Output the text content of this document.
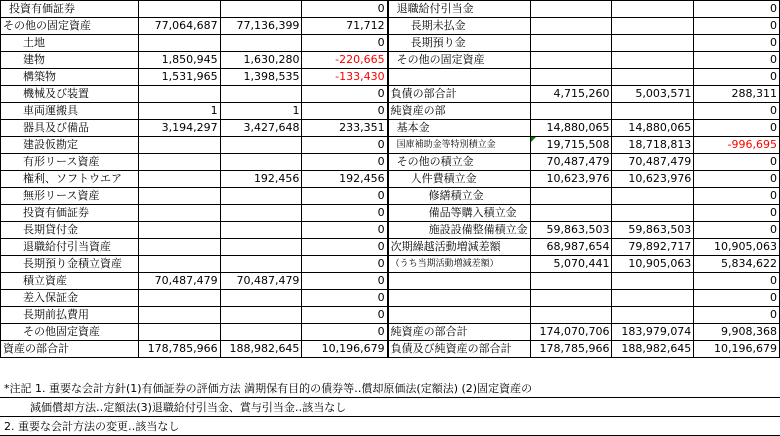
投資有価証券			0	退職給付引当金			0
その他の固定資産	77,064,687	77,136,399	71,712	長期未払金			0
土地			0	長期預り金			0
建物	1,850,945	1,630,280	-220,665	その他の固定資産			0
構築物	1,531,965	1,398,535	-133,430				0
機械及び装置			0	負債の部合計	4,715,260	5,003,571	288,311
車両運搬具	1	1	0	純資産の部			0
器具及び備品	3,194,297	3,427,648	233,351	基本金	14,880,065	14,880,065	0
建設仮勘定			0	国庫補助金等特別積立金	19,715,508	18,718,813	-996,695
有形リース資産			0	その他の積立金	70,487,479	70,487,479	0
権利、ソフトウエア		192,456	192,456	人件費積立金	10,623,976	10,623,976	0
無形リース資産			0	修繕積立金			0
投資有価証券			0	備品等購入積立金			0
長期貸付金			0	施設設備整備積立金	59,863,503	59,863,503	0
退職給付引当資産			0	次期繰越活動増減差額	68,987,654	79,892,717	10,905,063
長期預り金積立資産			0	（うち当期活動増減差額）	5,070,441	10,905,063	5,834,622
積立資産	70,487,479	70,487,479	0				0
差入保証金			0				0
長期前払費用			0				0
その他固定資産			0	純資産の部合計	174,070,706	183,979,074	9,908,368
資産の部合計	178,785,966	188,982,645	10,196,679	負債及び純資産の部合計	178,785,966	188,982,645	10,196,679
*注記 1. 重要な会計方針(1)有価証券の評価方法 満期保有目的の債券等‥償却原価法(定額法) (2)固定資産の
減価償却方法‥定額法(3)退職給付引当金、賞与引当金‥該当なし
2. 重要な会計方法の変更‥該当なし
